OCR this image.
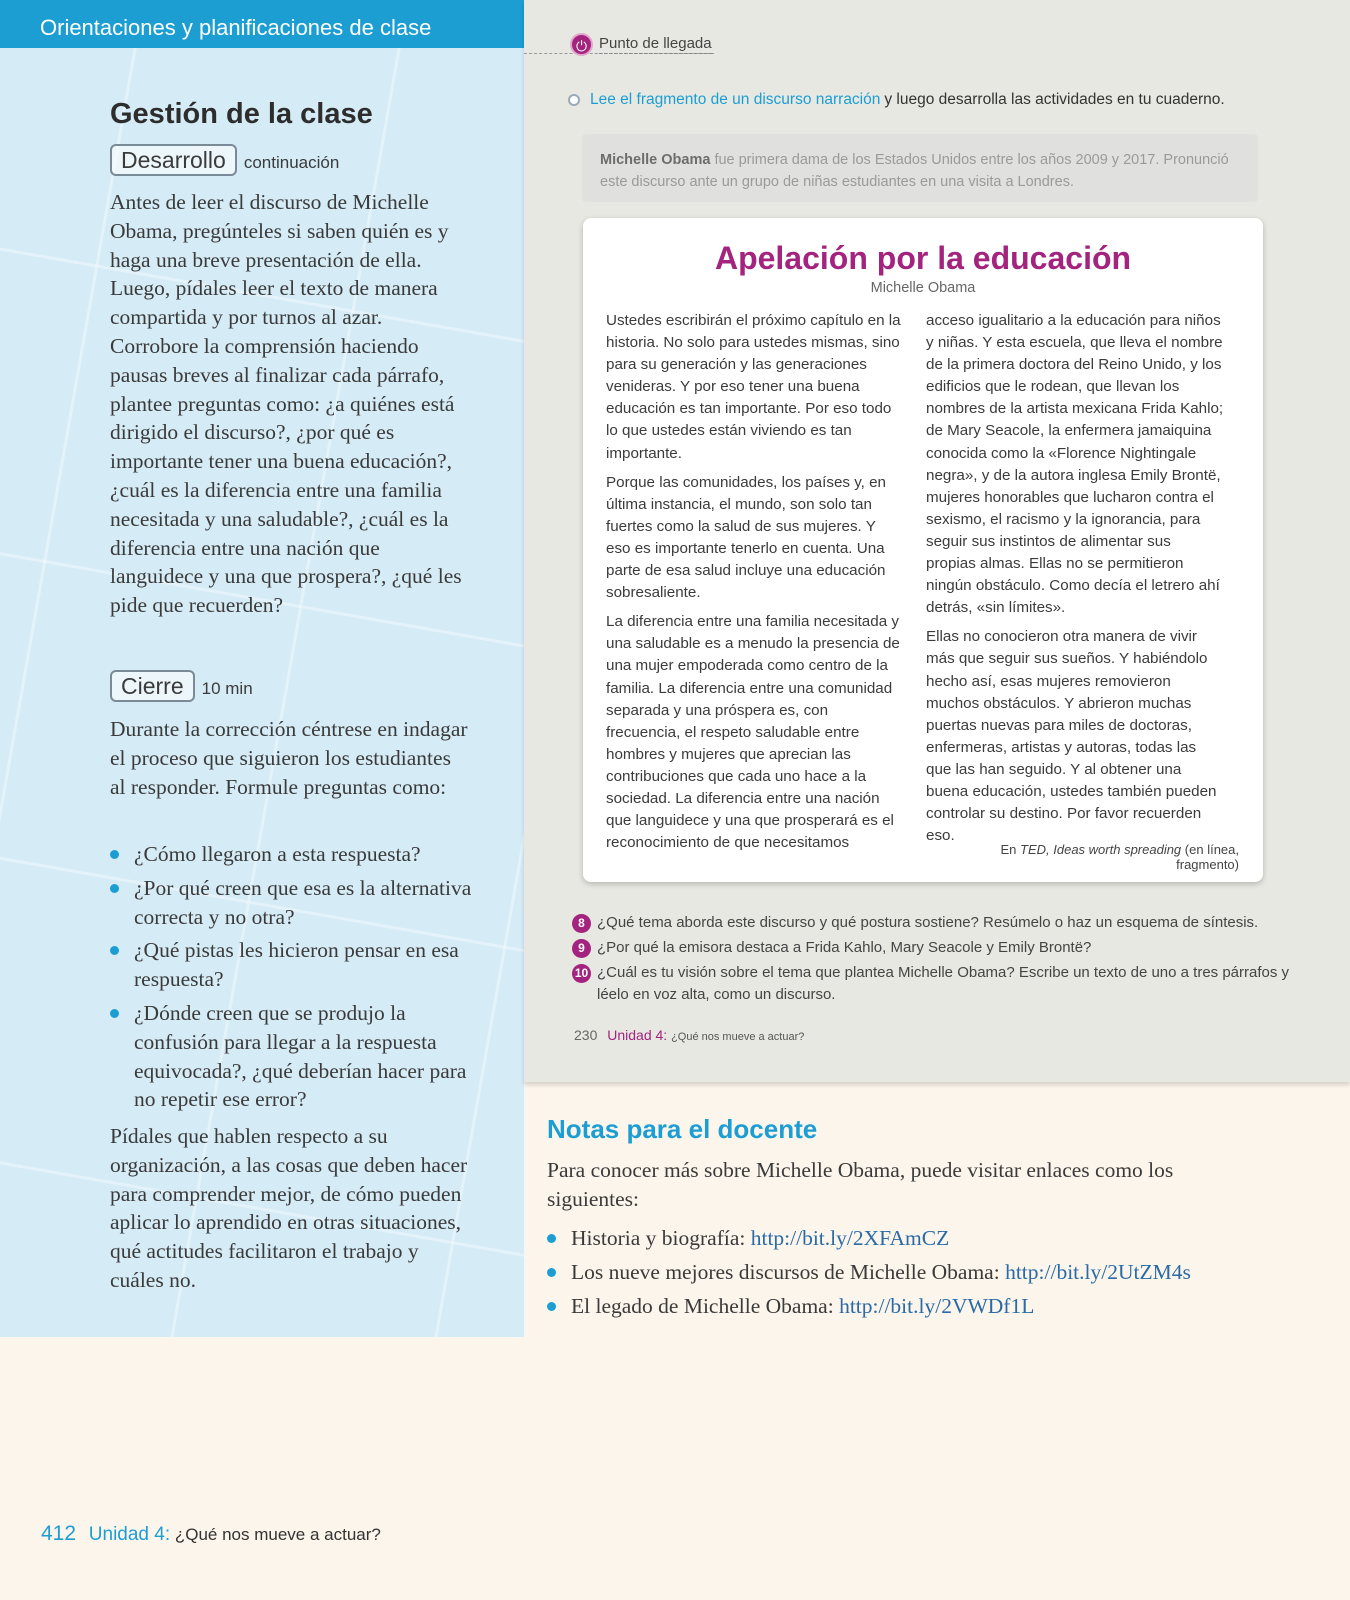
Orientaciones y planificaciones de clase
Gestión de la clase
Desarrollo continuación

Antes de leer el discurso de Michelle Obama, pregúnteles si saben quién es y haga una breve presentación de ella. Luego, pídales leer el texto de manera compartida y por turnos al azar. Corrobore la comprensión haciendo pausas breves al finalizar cada párrafo, plantee preguntas como: ¿a quiénes está dirigido el discurso?, ¿por qué es importante tener una buena educación?, ¿cuál es la diferencia entre una familia necesitada y una saludable?, ¿cuál es la diferencia entre una nación que languidece y una que prospera?, ¿qué les pide que recuerden?

Cierre 10 min

Durante la corrección céntrese en indagar el proceso que siguieron los estudiantes al responder. Formule preguntas como:

¿Cómo llegaron a esta respuesta?
¿Por qué creen que esa es la alternativa correcta y no otra?
¿Qué pistas les hicieron pensar en esa respuesta?
¿Dónde creen que se produjo la confusión para llegar a la respuesta equivocada?, ¿qué deberían hacer para no repetir ese error?

Pídales que hablen respecto a su organización, a las cosas que deben hacer para comprender mejor, de cómo pueden aplicar lo aprendido en otras situaciones, qué actitudes facilitaron el trabajo y cuáles no.

⏻ Punto de llegada
Lee el fragmento de un discurso narración y luego desarrolla las actividades en tu cuaderno.
Michelle Obama fue primera dama de los Estados Unidos entre los años 2009 y 2017. Pronunció este discurso ante un grupo de niñas estudiantes en una visita a Londres.
Apelación por la educación
Michelle Obama

Ustedes escribirán el próximo capítulo en la historia. No solo para ustedes mismas, sino para su generación y las generaciones venideras. Y por eso tener una buena educación es tan importante. Por eso todo lo que ustedes están viviendo es tan importante.

Porque las comunidades, los países y, en última instancia, el mundo, son solo tan fuertes como la salud de sus mujeres. Y eso es importante tenerlo en cuenta. Una parte de esa salud incluye una educación sobresaliente.

La diferencia entre una familia necesitada y una saludable es a menudo la presencia de una mujer empoderada como centro de la familia. La diferencia entre una comunidad separada y una próspera es, con frecuencia, el respeto saludable entre hombres y mujeres que aprecian las contribuciones que cada uno hace a la sociedad. La diferencia entre una nación que languidece y una que prosperará es el reconocimiento de que necesitamos

acceso igualitario a la educación para niños y niñas. Y esta escuela, que lleva el nombre de la primera doctora del Reino Unido, y los edificios que le rodean, que llevan los nombres de la artista mexicana Frida Kahlo; de Mary Seacole, la enfermera jamaiquina conocida como la «Florence Nightingale negra», y de la autora inglesa Emily Brontë, mujeres honorables que lucharon contra el sexismo, el racismo y la ignorancia, para seguir sus instintos de alimentar sus propias almas. Ellas no se permitieron ningún obstáculo. Como decía el letrero ahí detrás, «sin límites».

Ellas no conocieron otra manera de vivir más que seguir sus sueños. Y habiéndolo hecho así, esas mujeres removieron muchos obstáculos. Y abrieron muchas puertas nuevas para miles de doctoras, enfermeras, artistas y autoras, todas las que las han seguido. Y al obtener una buena educación, ustedes también pueden controlar su destino. Por favor recuerden eso.

En TED, Ideas worth spreading (en línea, fragmento)
8 ¿Qué tema aborda este discurso y qué postura sostiene? Resúmelo o haz un esquema de síntesis.
9 ¿Por qué la emisora destaca a Frida Kahlo, Mary Seacole y Emily Brontë?
10 ¿Cuál es tu visión sobre el tema que plantea Michelle Obama? Escribe un texto de uno a tres párrafos y léelo en voz alta, como un discurso.
230 Unidad 4: ¿Qué nos mueve a actuar?
Notas para el docente

Para conocer más sobre Michelle Obama, puede visitar enlaces como los siguientes:

Historia y biografía: http://bit.ly/2XFAmCZ
Los nueve mejores discursos de Michelle Obama: http://bit.ly/2UtZM4s
El legado de Michelle Obama: http://bit.ly/2VWDf1L
412 Unidad 4: ¿Qué nos mueve a actuar?
